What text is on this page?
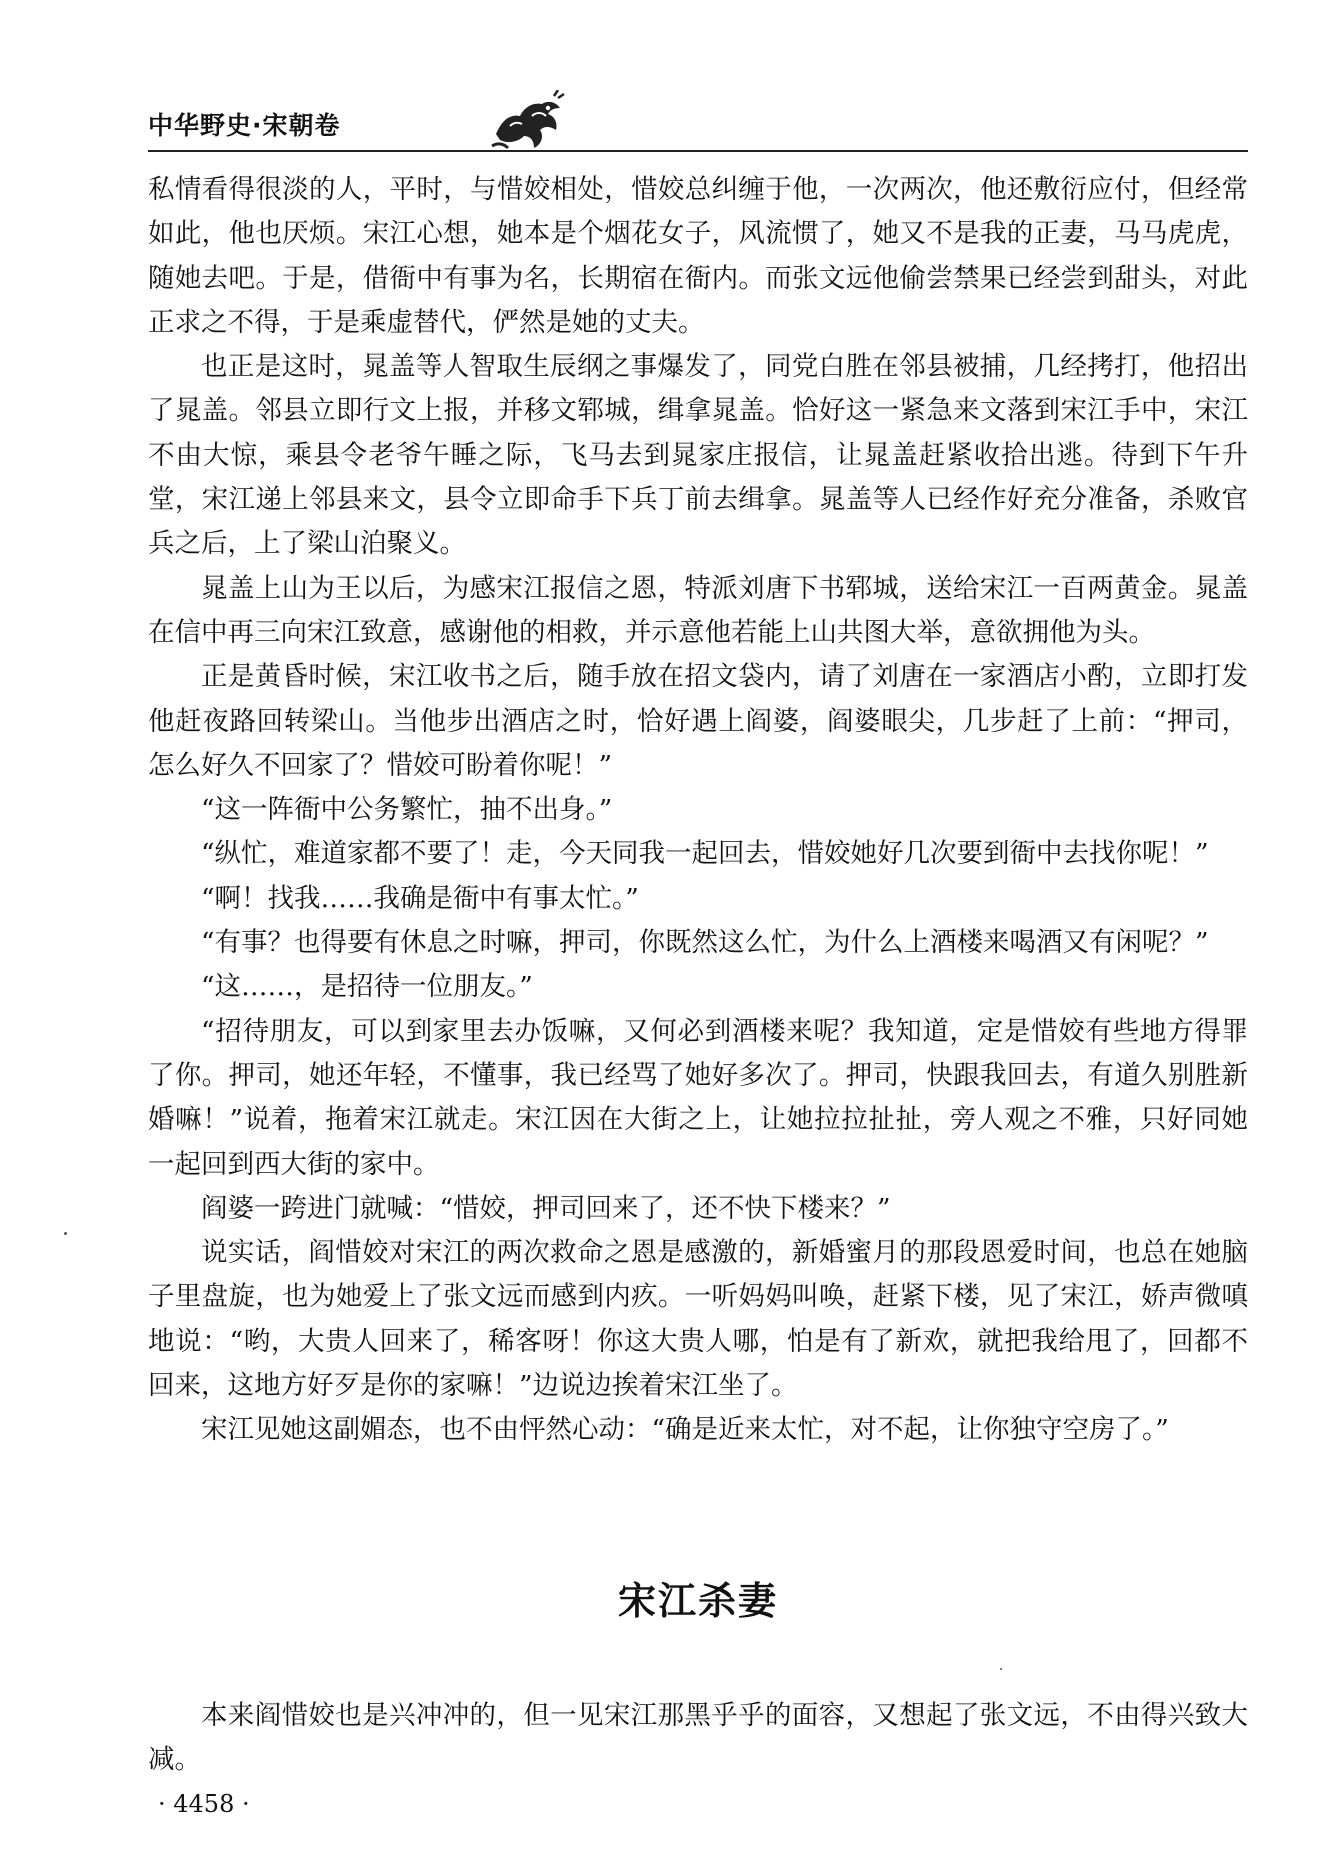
中华野史·宋朝卷

私情看得很淡的人，平时，与惜姣相处，惜姣总纠缠于他，一次两次，他还敷衍应付，但经常如此，他也厌烦。宋江心想，她本是个烟花女子，风流惯了，她又不是我的正妻，马马虎虎，随她去吧。于是，借衙中有事为名，长期宿在衙内。而张文远他偷尝禁果已经尝到甜头，对此正求之不得，于是乘虚替代，俨然是她的丈夫。

也正是这时，晁盖等人智取生辰纲之事爆发了，同党白胜在邻县被捕，几经拷打，他招出了晁盖。邻县立即行文上报，并移文郓城，缉拿晁盖。恰好这一紧急来文落到宋江手中，宋江不由大惊，乘县令老爷午睡之际，飞马去到晁家庄报信，让晁盖赶紧收拾出逃。待到下午升堂，宋江递上邻县来文，县令立即命手下兵丁前去缉拿。晁盖等人已经作好充分准备，杀败官兵之后，上了梁山泊聚义。

晁盖上山为王以后，为感宋江报信之恩，特派刘唐下书郓城，送给宋江一百两黄金。晁盖在信中再三向宋江致意，感谢他的相救，并示意他若能上山共图大举，意欲拥他为头。

正是黄昏时候，宋江收书之后，随手放在招文袋内，请了刘唐在一家酒店小酌，立即打发他赶夜路回转梁山。当他步出酒店之时，恰好遇上阎婆，阎婆眼尖，几步赶了上前：“押司，怎么好久不回家了？惜姣可盼着你呢！”

“这一阵衙中公务繁忙，抽不出身。”

“纵忙，难道家都不要了！走，今天同我一起回去，惜姣她好几次要到衙中去找你呢！”

“啊！找我……我确是衙中有事太忙。”

“有事？也得要有休息之时嘛，押司，你既然这么忙，为什么上酒楼来喝酒又有闲呢？”

“这……，是招待一位朋友。”

“招待朋友，可以到家里去办饭嘛，又何必到酒楼来呢？我知道，定是惜姣有些地方得罪了你。押司，她还年轻，不懂事，我已经骂了她好多次了。押司，快跟我回去，有道久别胜新婚嘛！”说着，拖着宋江就走。宋江因在大街之上，让她拉拉扯扯，旁人观之不雅，只好同她一起回到西大街的家中。

阎婆一跨进门就喊：“惜姣，押司回来了，还不快下楼来？”

说实话，阎惜姣对宋江的两次救命之恩是感激的，新婚蜜月的那段恩爱时间，也总在她脑子里盘旋，也为她爱上了张文远而感到内疚。一听妈妈叫唤，赶紧下楼，见了宋江，娇声微嗔地说：“哟，大贵人回来了，稀客呀！你这大贵人哪，怕是有了新欢，就把我给甩了，回都不回来，这地方好歹是你的家嘛！”边说边挨着宋江坐了。

宋江见她这副媚态，也不由怦然心动：“确是近来太忙，对不起，让你独守空房了。”

宋江杀妻

本来阎惜姣也是兴冲冲的，但一见宋江那黑乎乎的面容，又想起了张文远，不由得兴致大减。

· 4458 ·
